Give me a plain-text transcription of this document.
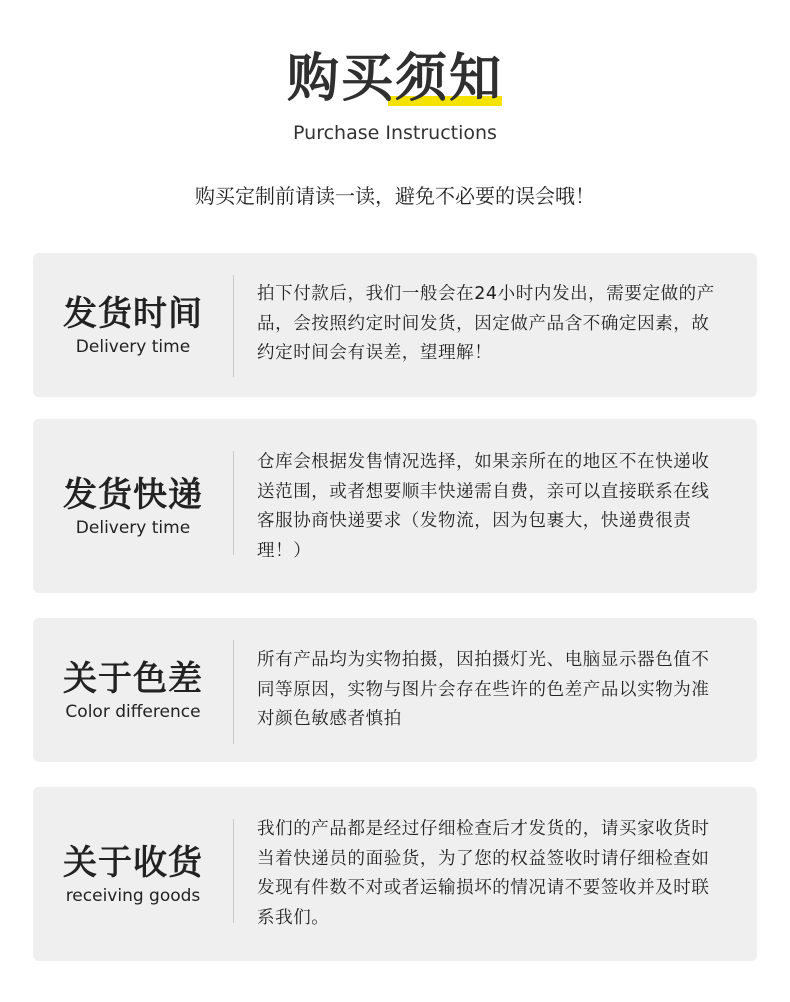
购买须知
Purchase Instructions
购买定制前请读一读，避免不必要的误会哦！
发货时间
Delivery time
拍下付款后，我们一般会在24小时内发出，需要定做的产品，会按照约定时间发货，因定做产品含不确定因素，故约定时间会有误差，望理解！
发货快递
Delivery time
仓库会根据发售情况选择，如果亲所在的地区不在快递收送范围，或者想要顺丰快递需自费，亲可以直接联系在线客服协商快递要求（发物流，因为包裹大，快递费很责理！）
关于色差
Color difference
所有产品均为实物拍摄，因拍摄灯光、电脑显示器色值不同等原因，实物与图片会存在些许的色差产品以实物为准对颜色敏感者慎拍
关于收货
receiving goods
我们的产品都是经过仔细检查后才发货的，请买家收货时当着快递员的面验货，为了您的权益签收时请仔细检查如发现有件数不对或者运输损坏的情况请不要签收并及时联系我们。
